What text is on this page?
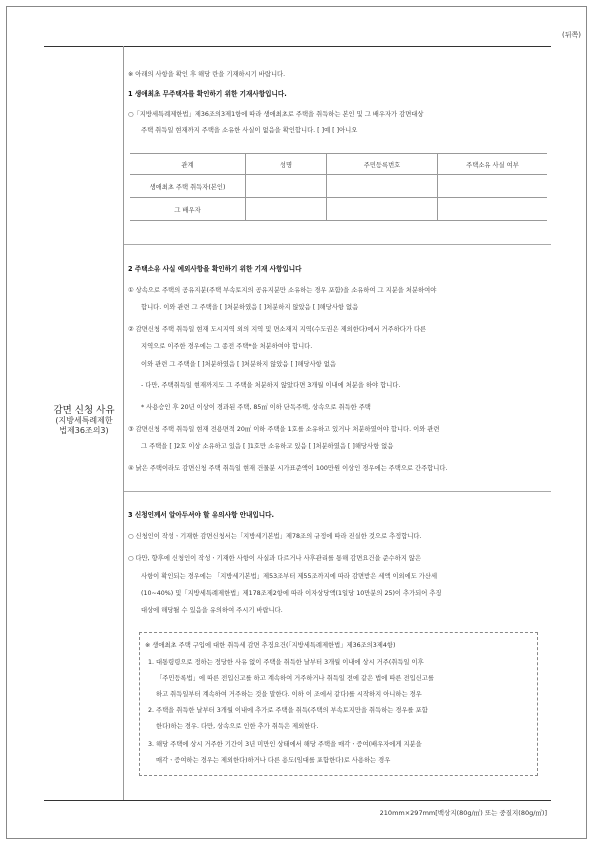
(뒤쪽)
감면 신청 사유
(지방세특례제한
법제36조의3)
※ 아래의 사항을 확인 후 해당 란을 기재하시기 바랍니다.
1 생애최초 무주택자를 확인하기 위한 기재사항입니다.
○「지방세특례제한법」제36조의3제1항에 따라 생애최초로 주택을 취득하는 본인 및 그 배우자가 감면대상
주택 취득일 현재까지 주택을 소유한 사실이 없음을 확인합니다. [ ]예 [ ]아니오
관계	성명	주민등록번호	주택소유 사실 여부
생애최초 주택 취득자(본인)			
그 배우자			
2 주택소유 사실 예외사항을 확인하기 위한 기재 사항입니다
① 상속으로 주택의 공유지분(주택 부속토지의 공유지분만 소유하는 경우 포함)을 소유하여 그 지분을 처분하여야
합니다. 이와 관련 그 주택을 [ ]처분하였음 [ ]처분하지 않았음 [ ]해당사항 없음
② 감면신청 주택 취득일 현재 도시지역 외의 지역 및 면소재지 지역(수도권은 제외한다)에서 거주하다가 다른
지역으로 이주한 경우에는 그 종전 주택*을 처분하여야 합니다.
이와 관련 그 주택을 [ ]처분하였음 [ ]처분하지 않았음 [ ]해당사항 없음
- 다만, 주택취득일 현재까지도 그 주택을 처분하지 않았다면 3개월 이내에 처분을 하야 합니다.
* 사용승인 후 20년 이상이 경과된 주택, 85㎡ 이하 단독주택, 상속으로 취득한 주택
③ 감면신청 주택 취득일 현재 전용면적 20㎡ 이하 주택을 1호를 소유하고 있거나 처분하였어야 합니다. 이와 관련
그 주택을 [ ]2호 이상 소유하고 있음 [ ]1호만 소유하고 있음 [ ]처분하였음 [ ]해당사항 없음
④ 낡은 주택이라도 감면신청 주택 취득일 현재 건물분 시가표준액이 100만원 이상인 경우에는 주택으로 간주합니다.
3 신청인께서 알아두셔야 할 유의사항 안내입니다.
○ 신청인이 작성ㆍ기재한 감면신청서는「지방세기본법」제78조의 규정에 따라 진실한 것으로 추정합니다.
○ 다만, 향후에 신청인이 작성ㆍ기재한 사항이 사실과 다르거나 사후관리를 통해 감면요건을 준수하지 않은
사항이 확인되는 경우에는 「지방세기본법」제53조부터 제55조까지에 따라 감면받은 세액 이외에도 가산세
(10~40%) 및「지방세특례제한법」제178조제2항에 따라 이자상당액(1일당 10만분의 25)이 추가되어 추징
대상에 해당될 수 있음을 유의하여 주시기 바랍니다.
※ 생애최초 주택 구입에 대한 취득세 감면 추징요건(「지방세특례제한법」제36조의3제4항)
1. 대통령령으로 정하는 정당한 사유 없이 주택을 취득한 날부터 3개월 이내에 상시 거주(취득일 이후
「주민등록법」에 따른 전입신고를 하고 계속하여 거주하거나 취득일 전에 같은 법에 따른 전입신고를
하고 취득일부터 계속하여 거주하는 것을 말한다. 이하 이 조에서 같다)를 시작하지 아니하는 경우
2. 주택을 취득한 날부터 3개월 이내에 추가로 주택을 취득(주택의 부속토지만을 취득하는 경우를 포함
한다)하는 경우. 다만, 상속으로 인한 추가 취득은 제외한다.
3. 해당 주택에 상시 거주한 기간이 3년 미만인 상태에서 해당 주택을 매각ㆍ증여(배우자에게 지분을
매각ㆍ증여하는 경우는 제외한다)하거나 다른 용도(임대를 포함한다)로 사용하는 경우
210mm×297mm[백상지(80g/㎡) 또는 중질지(80g/㎡)]
